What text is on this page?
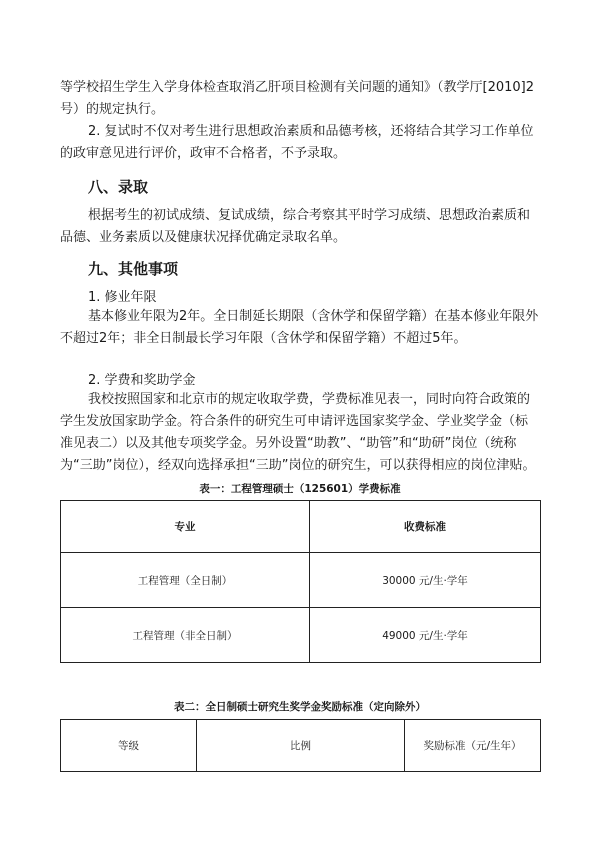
等学校招生学生入学身体检查取消乙肝项目检测有关问题的通知》（教学厅[2010]2号）的规定执行。

2. 复试时不仅对考生进行思想政治素质和品德考核，还将结合其学习工作单位的政审意见进行评价，政审不合格者，不予录取。

八、录取

根据考生的初试成绩、复试成绩，综合考察其平时学习成绩、思想政治素质和品德、业务素质以及健康状况择优确定录取名单。

九、其他事项

1. 修业年限

基本修业年限为2年。全日制延长期限（含休学和保留学籍）在基本修业年限外不超过2年；非全日制最长学习年限（含休学和保留学籍）不超过5年。

2. 学费和奖助学金

我校按照国家和北京市的规定收取学费，学费标准见表一，同时向符合政策的学生发放国家助学金。符合条件的研究生可申请评选国家奖学金、学业奖学金（标准见表二）以及其他专项奖学金。另外设置“助教”、“助管”和“助研”岗位（统称为“三助”岗位），经双向选择承担“三助”岗位的研究生，可以获得相应的岗位津贴。

表一：工程管理硕士（125601）学费标准

专业	收费标准
工程管理（全日制）	30000 元/生·学年
工程管理（非全日制）	49000 元/生·学年

表二：全日制硕士研究生奖学金奖励标准（定向除外）

等级	比例	奖励标准（元/生年）
